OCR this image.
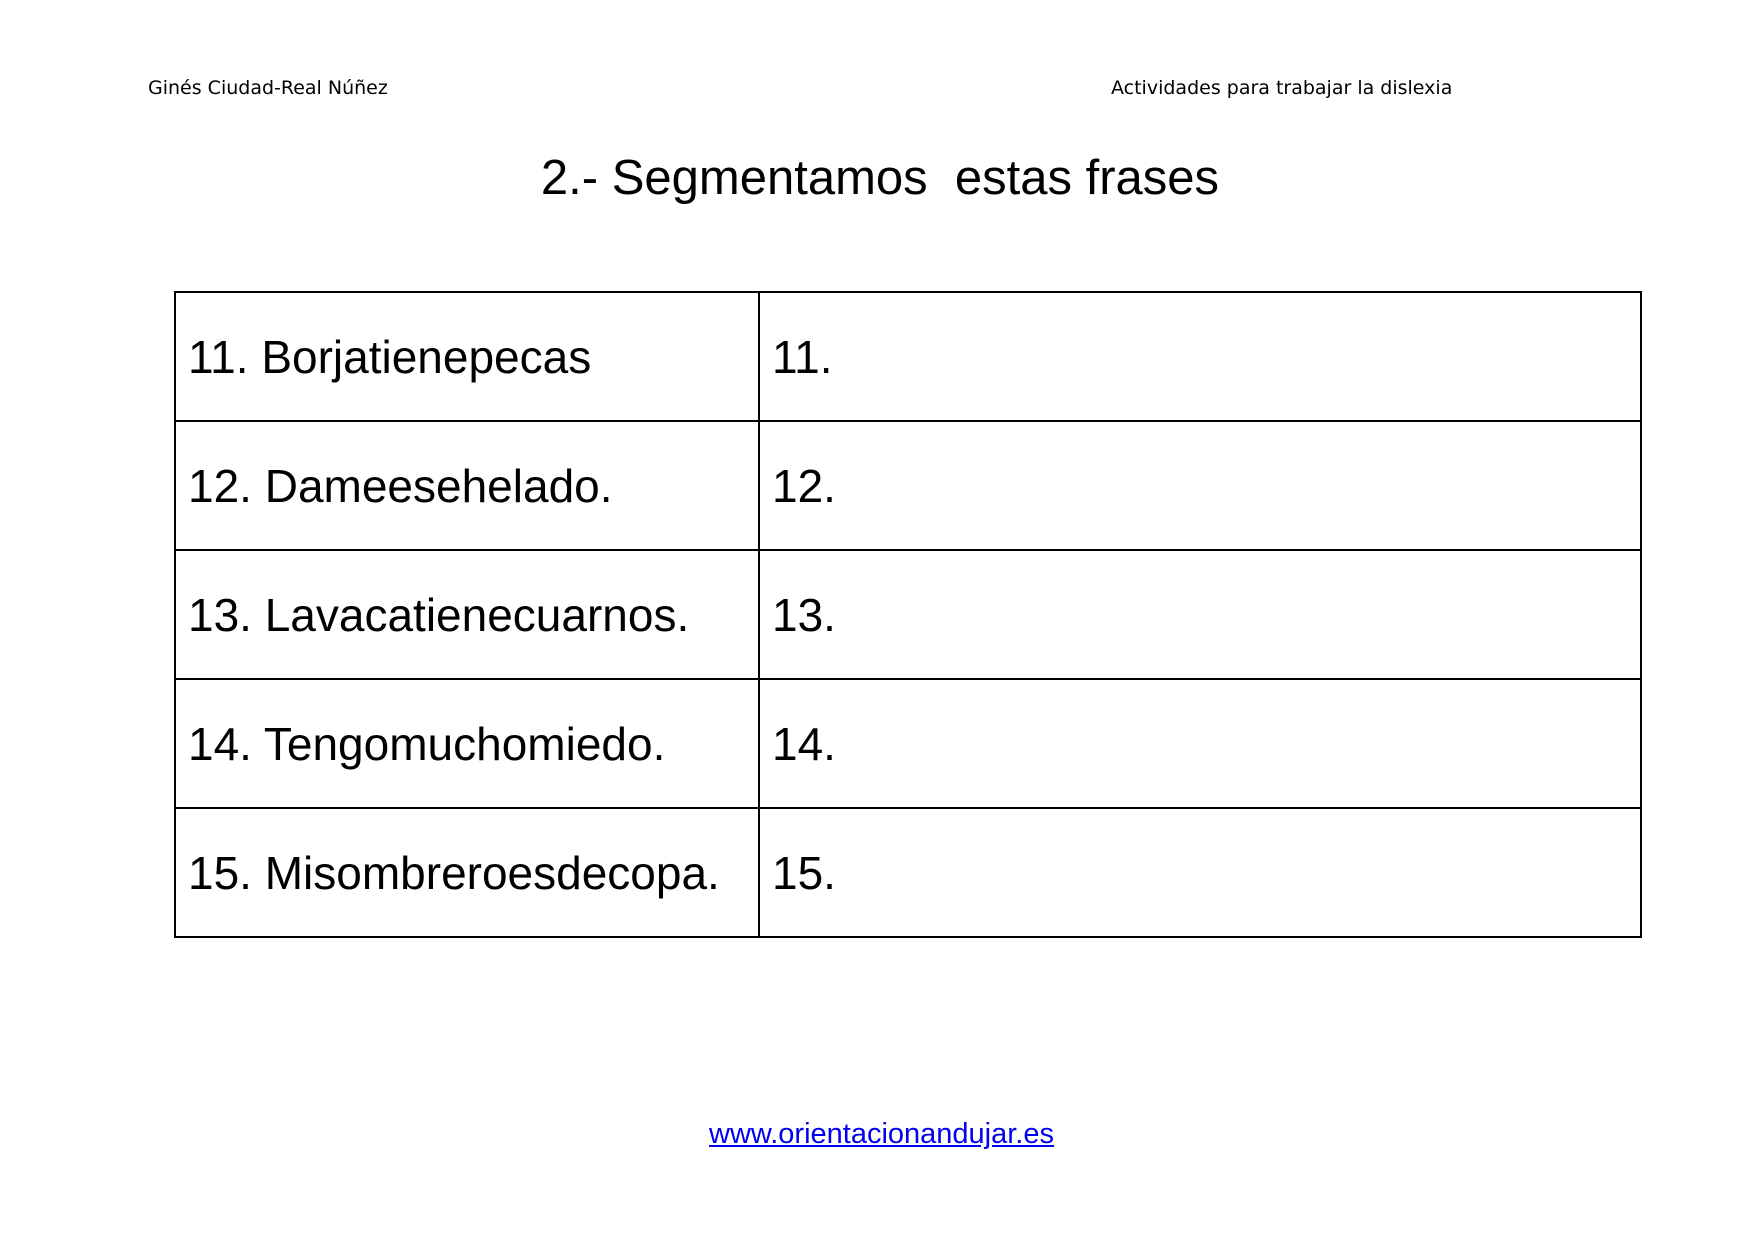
Ginés Ciudad-Real Núñez	Actividades para trabajar la dislexia
2.- Segmentamos  estas frases
11. Borjatienepecas	11.
12. Dameesehelado.	12.
13. Lavacatienecuarnos.	13.
14. Tengomuchomiedo.	14.
15. Misombreroesdecopa.	15.
www.orientacionandujar.es
